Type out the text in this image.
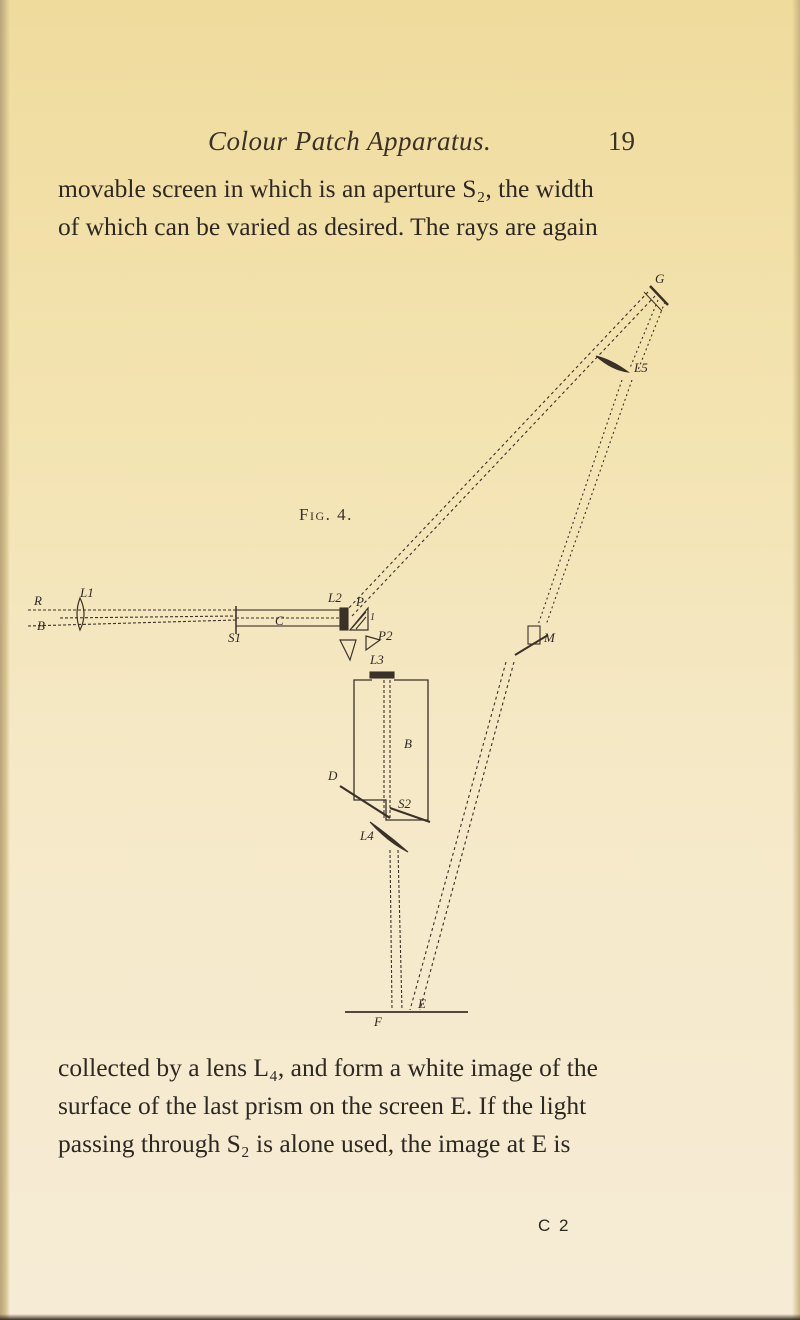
Colour Patch Apparatus.	19
movable screen in which is an aperture S₂, the width
of which can be varied as desired. The rays are again
Fig. 4.
G
L5
R
L1
B
L2 P
1
C
S1	P2
L3
M
B
D
S2
L4
E
F
collected by a lens L₄, and form a white image of the
surface of the last prism on the screen E. If the light
passing through S₂ is alone used, the image at E is
C 2
